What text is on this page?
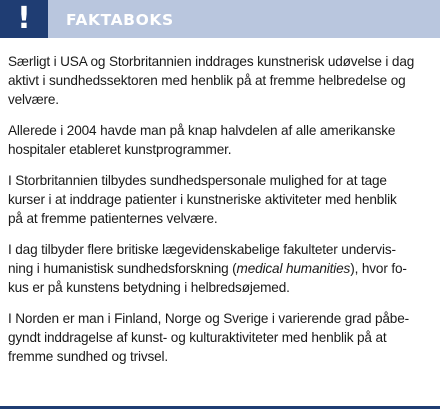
!	FAKTABOKS

Særligt i USA og Storbritannien inddrages kunstnerisk udøvelse i dag
aktivt i sundhedssektoren med henblik på at fremme helbredelse og
velvære.

Allerede i 2004 havde man på knap halvdelen af alle amerikanske
hospitaler etableret kunstprogrammer.

I Storbritannien tilbydes sundhedspersonale mulighed for at tage
kurser i at inddrage patienter i kunstneriske aktiviteter med henblik
på at fremme patienternes velvære.

I dag tilbyder flere britiske lægevidenskabelige fakulteter undervis-
ning i humanistisk sundhedsforskning (medical humanities), hvor fo-
kus er på kunstens betydning i helbredsøjemed.

I Norden er man i Finland, Norge og Sverige i varierende grad påbe-
gyndt inddragelse af kunst- og kulturaktiviteter med henblik på at
fremme sundhed og trivsel.
